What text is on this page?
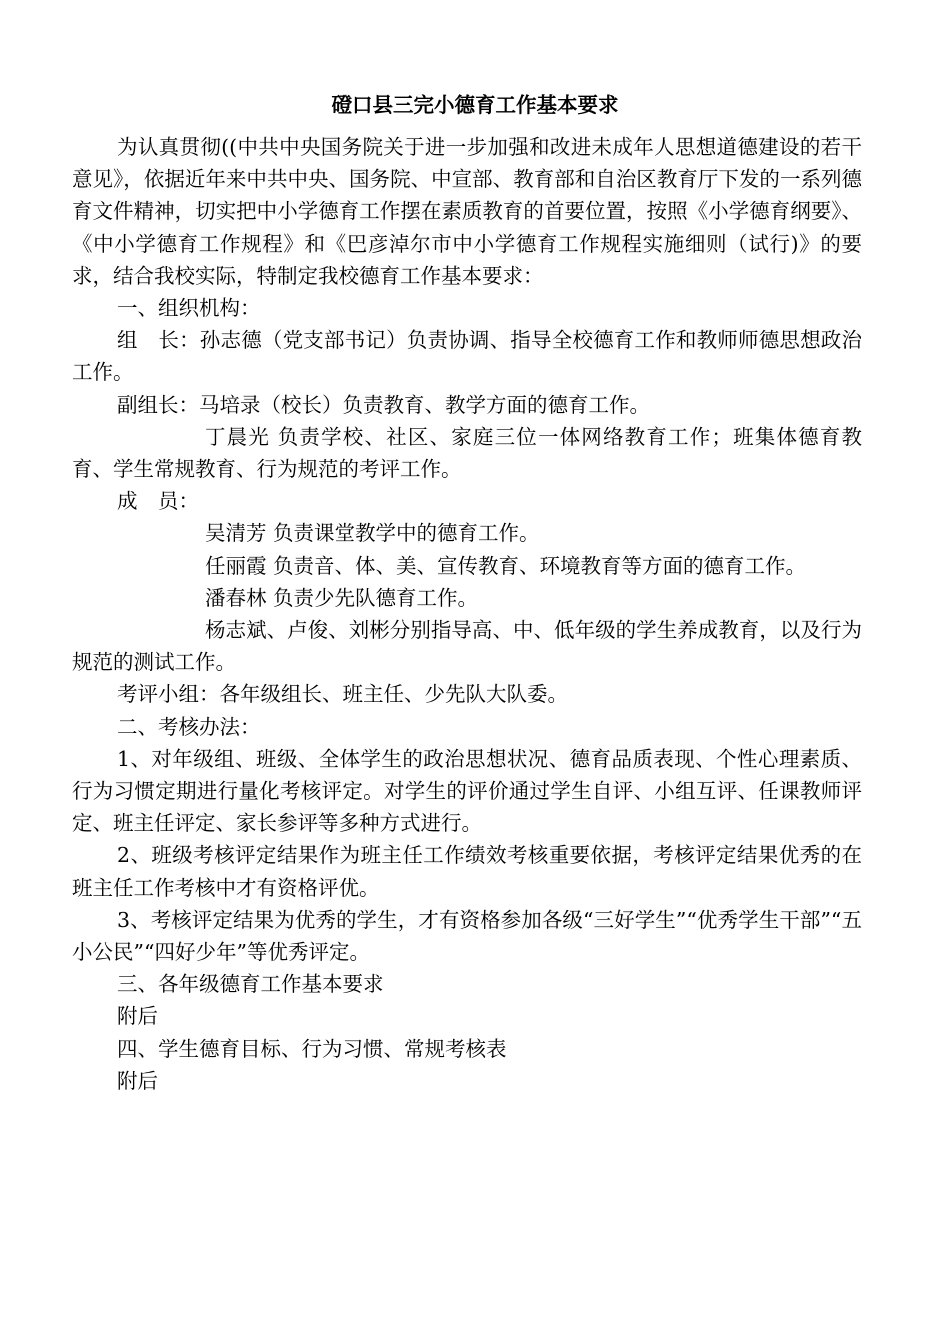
磴口县三完小德育工作基本要求

为认真贯彻((中共中央国务院关于进一步加强和改进未成年人思想道德建设的若干意见》，依据近年来中共中央、国务院、中宣部、教育部和自治区教育厅下发的一系列德育文件精神，切实把中小学德育工作摆在素质教育的首要位置，按照《小学德育纲要》、《中小学德育工作规程》和《巴彦淖尔市中小学德育工作规程实施细则（试行)》的要求，结合我校实际，特制定我校德育工作基本要求：

一、组织机构：

组　长：孙志德（党支部书记）负责协调、指导全校德育工作和教师师德思想政治工作。

副组长：马培录（校长）负责教育、教学方面的德育工作。

丁晨光 负责学校、社区、家庭三位一体网络教育工作；班集体德育教育、学生常规教育、行为规范的考评工作。

成　员：

吴清芳 负责课堂教学中的德育工作。

任丽霞 负责音、体、美、宣传教育、环境教育等方面的德育工作。

潘春林 负责少先队德育工作。

杨志斌、卢俊、刘彬分别指导高、中、低年级的学生养成教育，以及行为规范的测试工作。

考评小组：各年级组长、班主任、少先队大队委。

二、考核办法：

1、对年级组、班级、全体学生的政治思想状况、德育品质表现、个性心理素质、行为习惯定期进行量化考核评定。对学生的评价通过学生自评、小组互评、任课教师评定、班主任评定、家长参评等多种方式进行。

2、班级考核评定结果作为班主任工作绩效考核重要依据，考核评定结果优秀的在班主任工作考核中才有资格评优。

3、考核评定结果为优秀的学生，才有资格参加各级“三好学生”“优秀学生干部”“五小公民”“四好少年”等优秀评定。

三、各年级德育工作基本要求

附后

四、学生德育目标、行为习惯、常规考核表

附后
